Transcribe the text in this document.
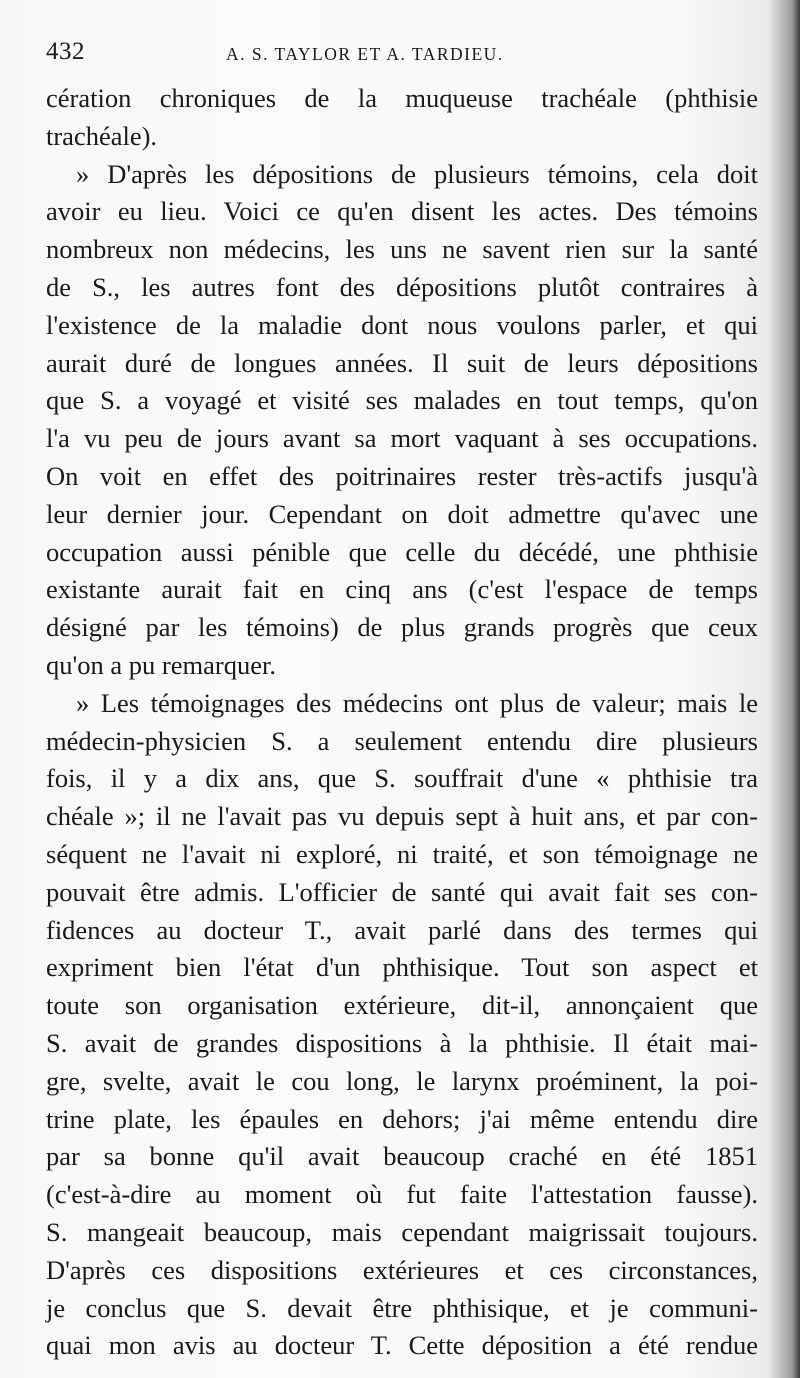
432	A. S. TAYLOR ET A. TARDIEU.
cération chroniques de la muqueuse trachéale (phthisie
trachéale).
» D'après les dépositions de plusieurs témoins, cela doit
avoir eu lieu. Voici ce qu'en disent les actes. Des témoins
nombreux non médecins, les uns ne savent rien sur la santé
de S., les autres font des dépositions plutôt contraires à
l'existence de la maladie dont nous voulons parler, et qui
aurait duré de longues années. Il suit de leurs dépositions
que S. a voyagé et visité ses malades en tout temps, qu'on
l'a vu peu de jours avant sa mort vaquant à ses occupations.
On voit en effet des poitrinaires rester très-actifs jusqu'à
leur dernier jour. Cependant on doit admettre qu'avec une
occupation aussi pénible que celle du décédé, une phthisie
existante aurait fait en cinq ans (c'est l'espace de temps
désigné par les témoins) de plus grands progrès que ceux
qu'on a pu remarquer.
» Les témoignages des médecins ont plus de valeur; mais le
médecin-physicien S. a seulement entendu dire plusieurs
fois, il y a dix ans, que S. souffrait d'une « phthisie tra
chéale »; il ne l'avait pas vu depuis sept à huit ans, et par con-
séquent ne l'avait ni exploré, ni traité, et son témoignage ne
pouvait être admis. L'officier de santé qui avait fait ses con-
fidences au docteur T., avait parlé dans des termes qui
expriment bien l'état d'un phthisique. Tout son aspect et
toute son organisation extérieure, dit-il, annonçaient que
S. avait de grandes dispositions à la phthisie. Il était mai-
gre, svelte, avait le cou long, le larynx proéminent, la poi-
trine plate, les épaules en dehors; j'ai même entendu dire
par sa bonne qu'il avait beaucoup craché en été 1851
(c'est-à-dire au moment où fut faite l'attestation fausse).
S. mangeait beaucoup, mais cependant maigrissait toujours.
D'après ces dispositions extérieures et ces circonstances,
je conclus que S. devait être phthisique, et je communi-
quai mon avis au docteur T. Cette déposition a été rendue
